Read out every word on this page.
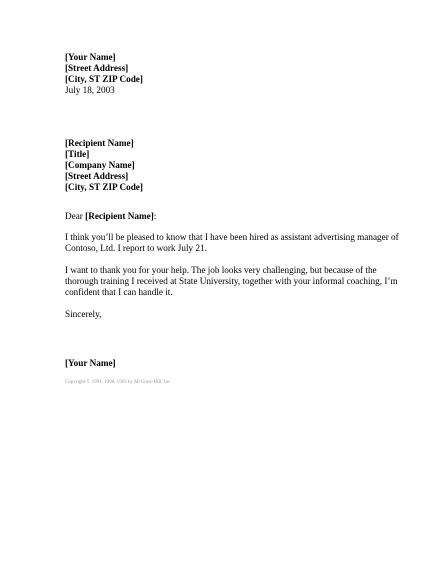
[Your Name]
[Street Address]
[City, ST ZIP Code]
July 18, 2003
[Recipient Name]
[Title]
[Company Name]
[Street Address]
[City, ST ZIP Code]
Dear [Recipient Name]:
I think you’ll be pleased to know that I have been hired as assistant advertising manager of Contoso, Ltd. I report to work July 21.
I want to thank you for your help. The job looks very challenging, but because of the thorough training I received at State University, together with your informal coaching, I’m confident that I can handle it.
Sincerely,
[Your Name]
Copyright © 1994, 1998, 1983 by McGraw-Hill, Inc.
